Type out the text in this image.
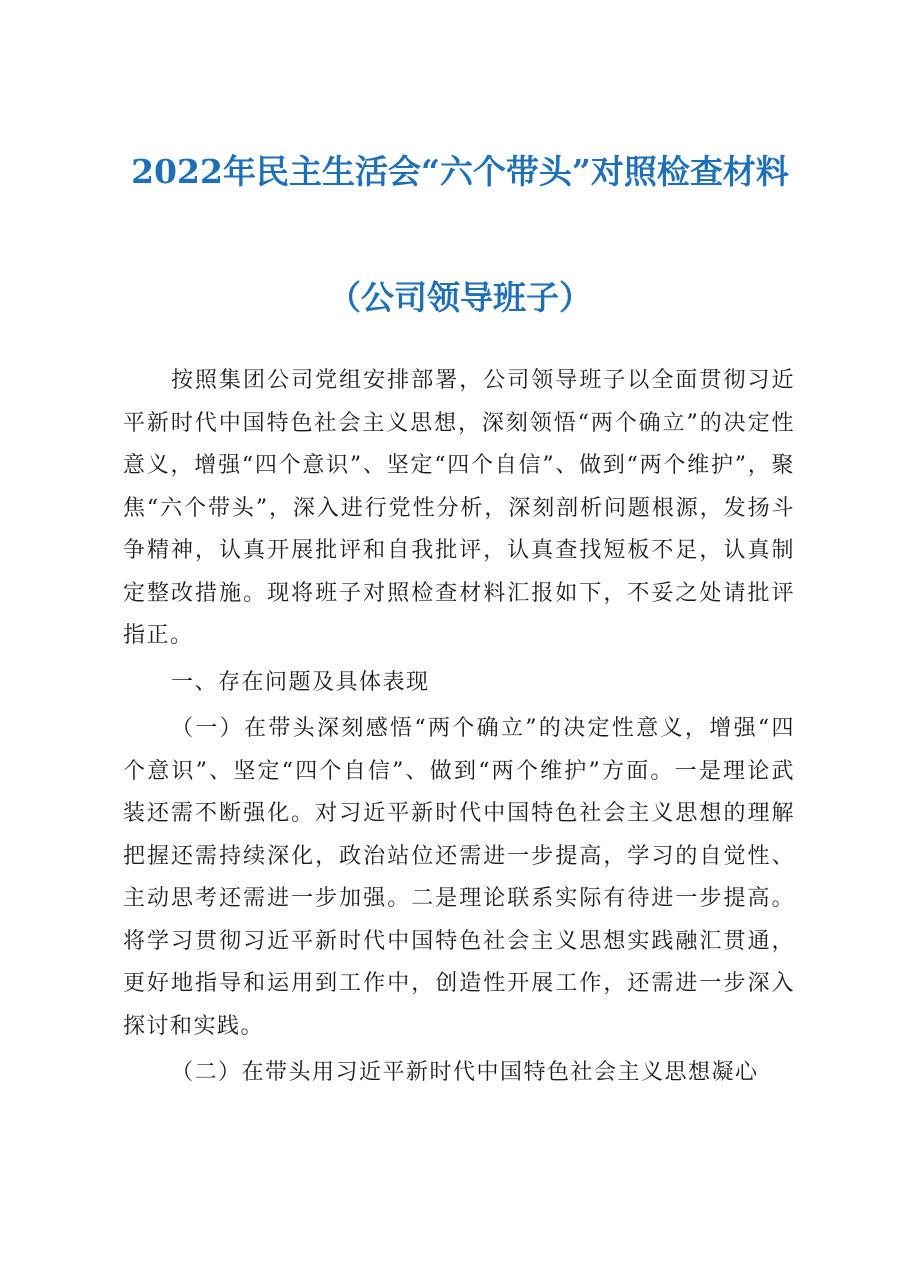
2022年民主生活会“六个带头”对照检查材料
（公司领导班子）

按照集团公司党组安排部署，公司领导班子以全面贯彻习近平新时代中国特色社会主义思想，深刻领悟“两个确立”的决定性意义，增强“四个意识”、坚定“四个自信”、做到“两个维护”，聚焦“六个带头”，深入进行党性分析，深刻剖析问题根源，发扬斗争精神，认真开展批评和自我批评，认真查找短板不足，认真制定整改措施。现将班子对照检查材料汇报如下，不妥之处请批评指正。

一、存在问题及具体表现

（一）在带头深刻感悟“两个确立”的决定性意义，增强“四个意识”、坚定“四个自信”、做到“两个维护”方面。一是理论武装还需不断强化。对习近平新时代中国特色社会主义思想的理解把握还需持续深化，政治站位还需进一步提高，学习的自觉性、主动思考还需进一步加强。二是理论联系实际有待进一步提高。将学习贯彻习近平新时代中国特色社会主义思想实践融汇贯通，更好地指导和运用到工作中，创造性开展工作，还需进一步深入探讨和实践。

（二）在带头用习近平新时代中国特色社会主义思想凝心
